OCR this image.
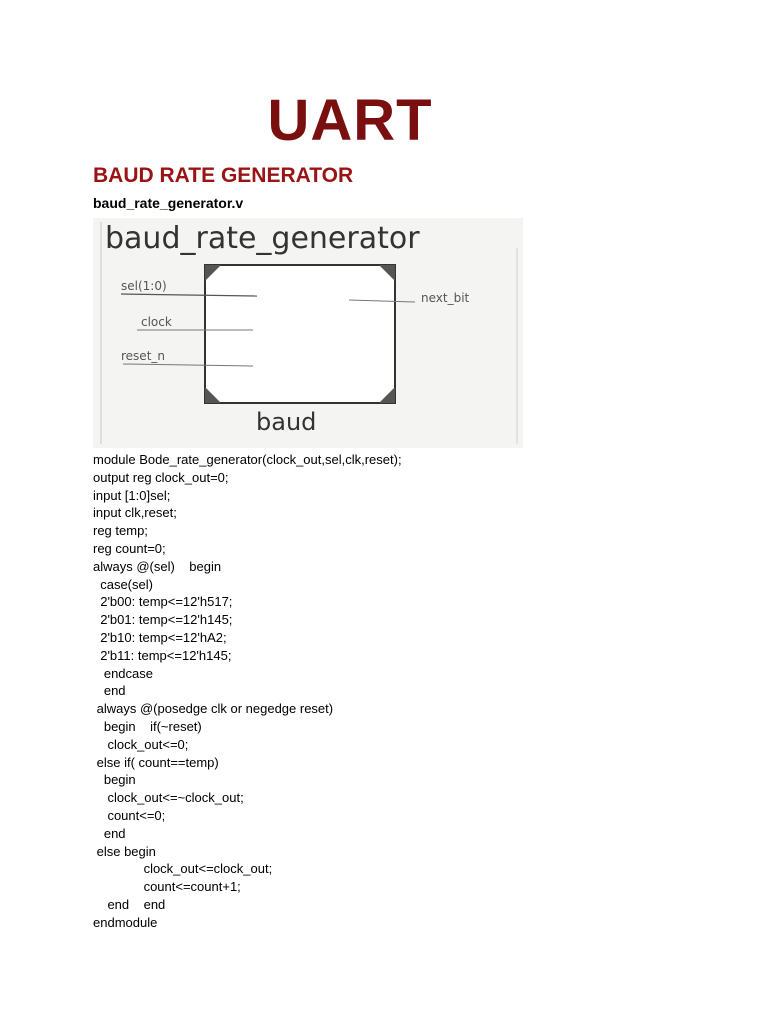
UART
BAUD RATE GENERATOR
baud_rate_generator.v
baud_rate_generator
sel(1:0)
clock
reset_n
next_bit
baud
module Bode_rate_generator(clock_out,sel,clk,reset);
output reg clock_out=0;
input [1:0]sel;
input clk,reset;
reg temp;
reg count=0;
always @(sel)    begin
case(sel)
2'b00: temp<=12'h517;
2'b01: temp<=12'h145;
2'b10: temp<=12'hA2;
2'b11: temp<=12'h145;
endcase
end
always @(posedge clk or negedge reset)
begin    if(~reset)
clock_out<=0;
else if( count==temp)
begin
clock_out<=~clock_out;
count<=0;
end
else begin
clock_out<=clock_out;
count<=count+1;
end    end
endmodule
